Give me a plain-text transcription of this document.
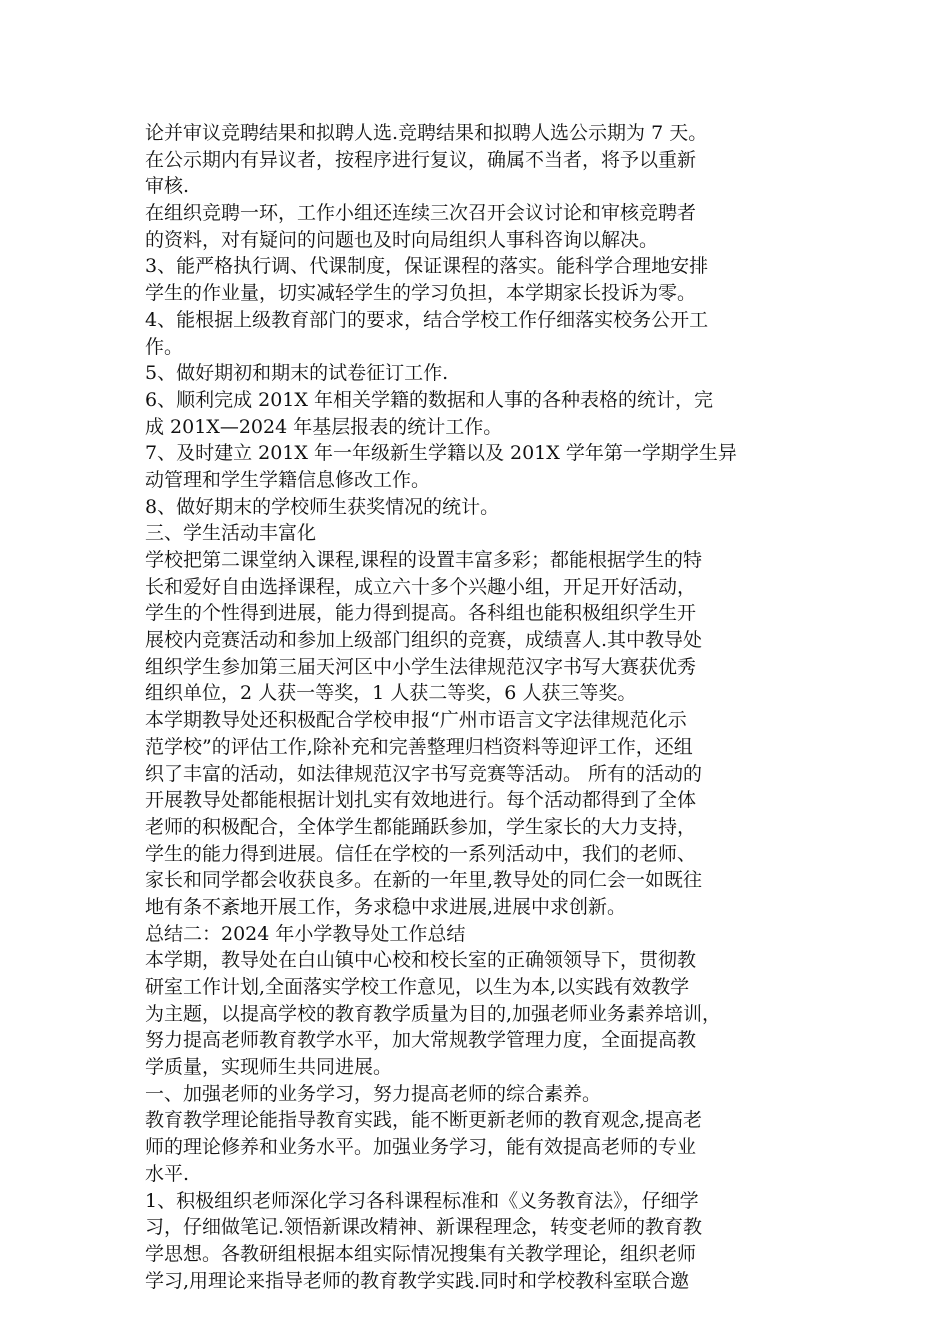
论并审议竞聘结果和拟聘人选.竞聘结果和拟聘人选公示期为 7 天。
在公示期内有异议者，按程序进行复议，确属不当者，将予以重新
审核.
在组织竞聘一环，工作小组还连续三次召开会议讨论和审核竞聘者
的资料，对有疑问的问题也及时向局组织人事科咨询以解决。
3、能严格执行调、代课制度，保证课程的落实。能科学合理地安排
学生的作业量，切实减轻学生的学习负担，本学期家长投诉为零。
4、能根据上级教育部门的要求，结合学校工作仔细落实校务公开工
作。
5、做好期初和期末的试卷征订工作.
6、顺利完成 201X 年相关学籍的数据和人事的各种表格的统计，完
成 201X—2024 年基层报表的统计工作。
7、及时建立 201X 年一年级新生学籍以及 201X 学年第一学期学生异
动管理和学生学籍信息修改工作。
8、做好期末的学校师生获奖情况的统计。
三、学生活动丰富化
学校把第二课堂纳入课程,课程的设置丰富多彩；都能根据学生的特
长和爱好自由选择课程，成立六十多个兴趣小组，开足开好活动，
学生的个性得到进展，能力得到提高。各科组也能积极组织学生开
展校内竞赛活动和参加上级部门组织的竞赛，成绩喜人.其中教导处
组织学生参加第三届天河区中小学生法律规范汉字书写大赛获优秀
组织单位，2 人获一等奖，1 人获二等奖，6 人获三等奖。
本学期教导处还积极配合学校申报“广州市语言文字法律规范化示
范学校”的评估工作,除补充和完善整理归档资料等迎评工作，还组
织了丰富的活动，如法律规范汉字书写竞赛等活动。 所有的活动的
开展教导处都能根据计划扎实有效地进行。每个活动都得到了全体
老师的积极配合，全体学生都能踊跃参加，学生家长的大力支持，
学生的能力得到进展。信任在学校的一系列活动中，我们的老师、
家长和同学都会收获良多。在新的一年里,教导处的同仁会一如既往
地有条不紊地开展工作，务求稳中求进展,进展中求创新。
总结二：2024 年小学教导处工作总结
本学期，教导处在白山镇中心校和校长室的正确领领导下，贯彻教
研室工作计划,全面落实学校工作意见，以生为本,以实践有效教学
为主题，以提高学校的教育教学质量为目的,加强老师业务素养培训，
努力提高老师教育教学水平，加大常规教学管理力度，全面提高教
学质量，实现师生共同进展。
一、加强老师的业务学习，努力提高老师的综合素养。
教育教学理论能指导教育实践，能不断更新老师的教育观念,提高老
师的理论修养和业务水平。加强业务学习，能有效提高老师的专业
水平.
1、积极组织老师深化学习各科课程标准和《义务教育法》，仔细学
习，仔细做笔记.领悟新课改精神、新课程理念，转变老师的教育教
学思想。各教研组根据本组实际情况搜集有关教学理论，组织老师
学习,用理论来指导老师的教育教学实践.同时和学校教科室联合邀
